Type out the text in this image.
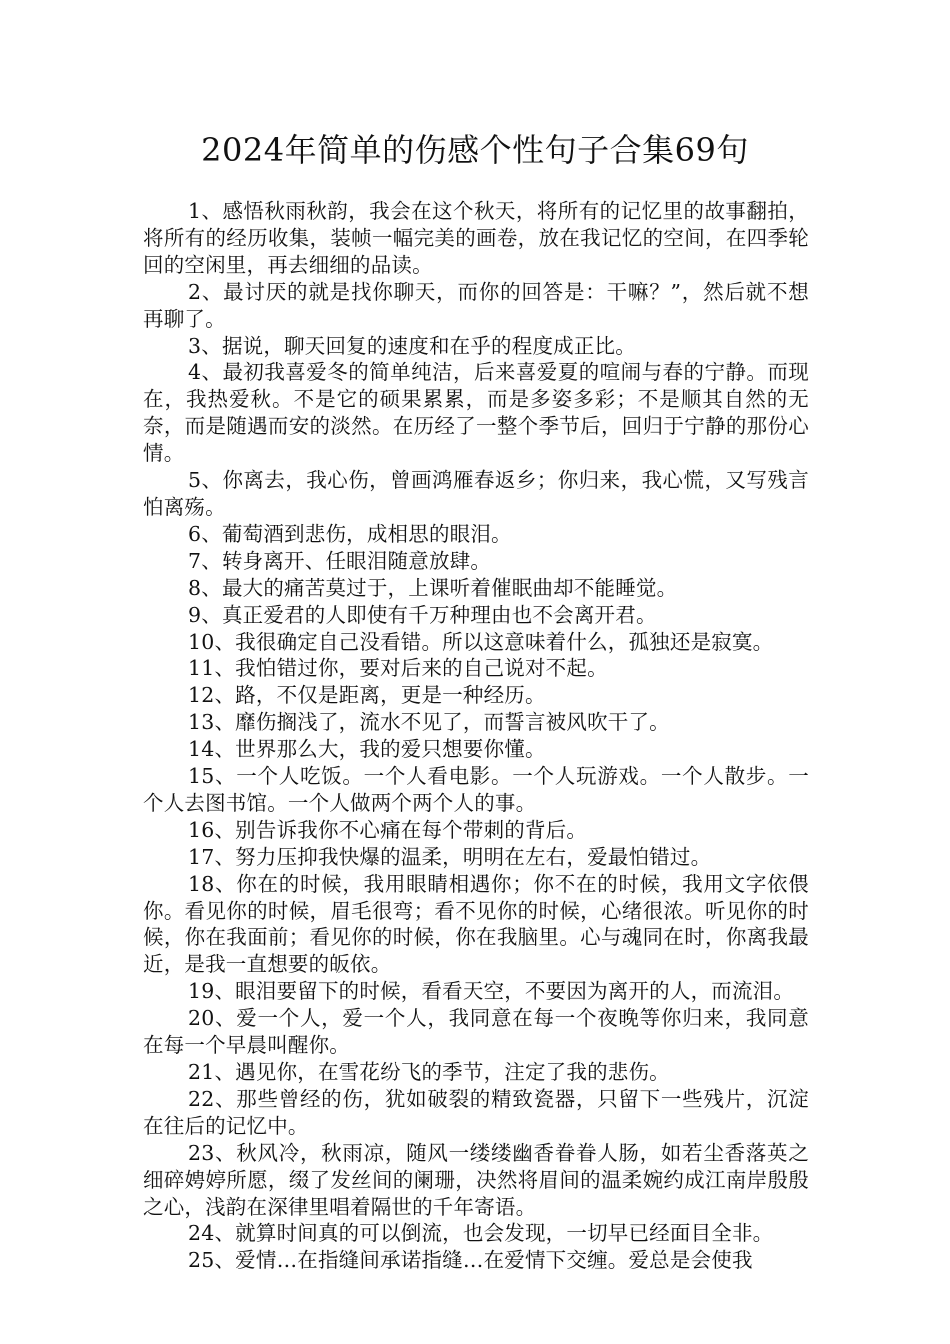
2024年简单的伤感个性句子合集69句

1、感悟秋雨秋韵，我会在这个秋天，将所有的记忆里的故事翻拍，将所有的经历收集，装帧一幅完美的画卷，放在我记忆的空间，在四季轮回的空闲里，再去细细的品读。

2、最讨厌的就是找你聊天，而你的回答是：干嘛？”，然后就不想再聊了。

3、据说，聊天回复的速度和在乎的程度成正比。

4、最初我喜爱冬的简单纯洁，后来喜爱夏的喧闹与春的宁静。而现在，我热爱秋。不是它的硕果累累，而是多姿多彩；不是顺其自然的无奈，而是随遇而安的淡然。在历经了一整个季节后，回归于宁静的那份心情。

5、你离去，我心伤，曾画鸿雁春返乡；你归来，我心慌，又写残言怕离殇。

6、葡萄酒到悲伤，成相思的眼泪。

7、转身离开、任眼泪随意放肆。

8、最大的痛苦莫过于，上课听着催眠曲却不能睡觉。

9、真正爱君的人即使有千万种理由也不会离开君。

10、我很确定自己没看错。所以这意味着什么，孤独还是寂寞。

11、我怕错过你，要对后来的自己说对不起。

12、路，不仅是距离，更是一种经历。

13、靡伤搁浅了，流水不见了，而誓言被风吹干了。

14、世界那么大，我的爱只想要你懂。

15、一个人吃饭。一个人看电影。一个人玩游戏。一个人散步。一个人去图书馆。一个人做两个两个人的事。

16、别告诉我你不心痛在每个带刺的背后。

17、努力压抑我快爆的温柔，明明在左右，爱最怕错过。

18、你在的时候，我用眼睛相遇你；你不在的时候，我用文字依偎你。看见你的时候，眉毛很弯；看不见你的时候，心绪很浓。听见你的时候，你在我面前；看见你的时候，你在我脑里。心与魂同在时，你离我最近，是我一直想要的皈依。

19、眼泪要留下的时候，看看天空，不要因为离开的人，而流泪。

20、爱一个人，爱一个人，我同意在每一个夜晚等你归来，我同意在每一个早晨叫醒你。

21、遇见你，在雪花纷飞的季节，注定了我的悲伤。

22、那些曾经的伤，犹如破裂的精致瓷器，只留下一些残片，沉淀在往后的记忆中。

23、秋风冷，秋雨凉，随风一缕缕幽香眷眷人肠，如若尘香落英之细碎娉婷所愿，缀了发丝间的阑珊，决然将眉间的温柔婉约成江南岸殷殷之心，浅韵在深律里唱着隔世的千年寄语。

24、就算时间真的可以倒流，也会发现，一切早已经面目全非。

25、爱情…在指缝间承诺指缝…在爱情下交缠。爱总是会使我
